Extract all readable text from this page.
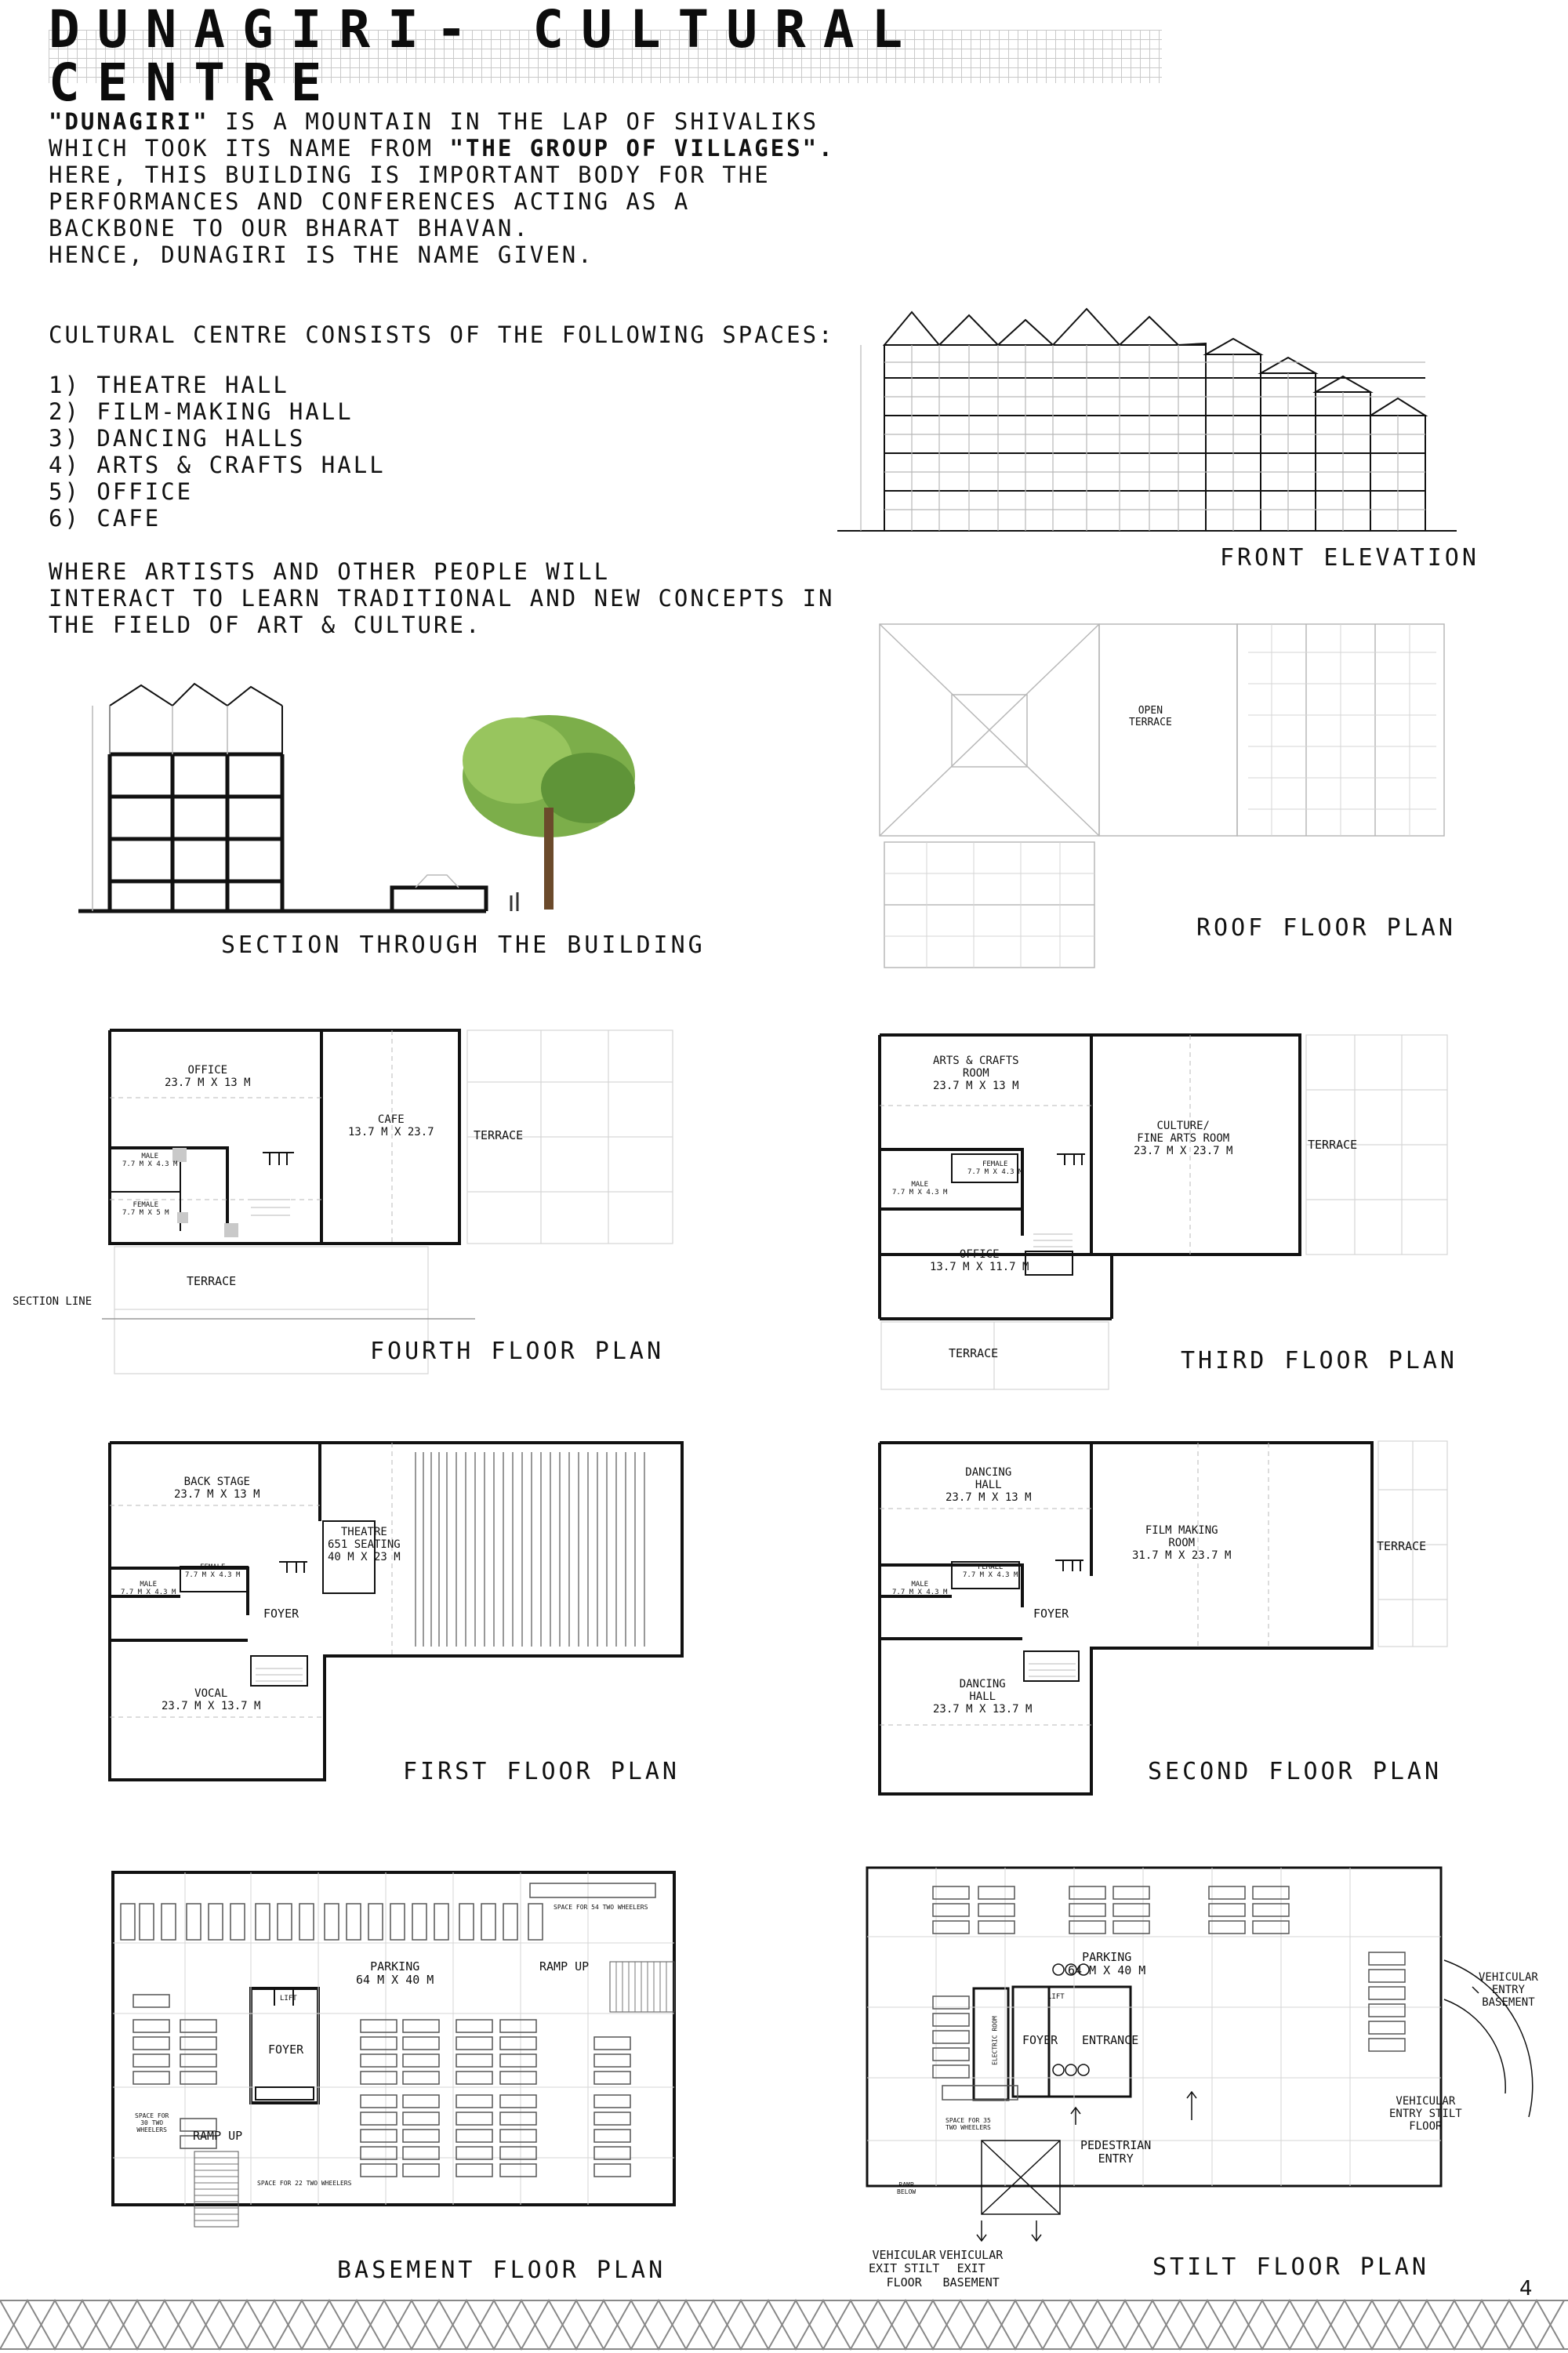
DUNAGIRI- CULTURAL CENTRE
"DUNAGIRI" IS A MOUNTAIN IN THE LAP OF SHIVALIKS
WHICH TOOK ITS NAME FROM "THE GROUP OF VILLAGES".
HERE, THIS BUILDING IS IMPORTANT BODY FOR THE
PERFORMANCES AND CONFERENCES ACTING AS A
BACKBONE TO OUR BHARAT BHAVAN.
HENCE, DUNAGIRI IS THE NAME GIVEN.
CULTURAL CENTRE CONSISTS OF THE FOLLOWING SPACES:
1) THEATRE HALL
2) FILM-MAKING HALL
3) DANCING HALLS
4) ARTS & CRAFTS HALL
5) OFFICE
6) CAFE
WHERE ARTISTS AND OTHER PEOPLE WILL
INTERACT TO LEARN TRADITIONAL AND NEW CONCEPTS IN
THE FIELD OF ART & CULTURE.
FRONT ELEVATION
SECTION THROUGH THE BUILDING
OPEN
TERRACE
ROOF FLOOR PLAN
OFFICE
23.7 M X 13 M
CAFE
13.7 M X 23.7	TERRACE
MALE
7.7 M X 4.3 M
FEMALE
7.7 M X 5 M
TERRACE
SECTION LINE
FOURTH FLOOR PLAN
ARTS & CRAFTS
ROOM
23.7 M X 13 M
CULTURE/
FINE ARTS ROOM
23.7 M X 23.7 M	TERRACE
FEMALE
7.7 M X 4.3 M
MALE
7.7 M X 4.3 M
OFFICE
13.7 M X 11.7 M
TERRACE	THIRD FLOOR PLAN
BACK STAGE
23.7 M X 13 M
THEATRE
651 SEATING
40 M X 23 M
FEMALE
7.7 M X 4.3 M
MALE
7.7 M X 4.3 M
FOYER
VOCAL
23.7 M X 13.7 M
FIRST FLOOR PLAN
DANCING
HALL
23.7 M X 13 M
FILM MAKING
ROOM
31.7 M X 23.7 M
TERRACE
FEMALE
7.7 M X 4.3 M
MALE
7.7 M X 4.3 M
FOYER
DANCING
HALL
23.7 M X 13.7 M
SECOND FLOOR PLAN
PARKING
64 M X 40 M
RAMP UP
SPACE FOR 54 TWO WHEELERS
LIFT
FOYER
SPACE FOR
30 TWO
WHEELERS RAMP UP
SPACE FOR 22 TWO WHEELERS
BASEMENT FLOOR PLAN
PARKING
64 M X 40 M
ELECTRIC ROOM
LIFT
FOYER ENTRANCE
SPACE FOR 35
TWO WHEELERS
RAMP
BELOW
PEDESTRIAN
ENTRY
VEHICULAR
ENTRY STILT
FLOOR
VEHICULAR
ENTRY
BASEMENT
VEHICULAR
EXIT STILT
FLOOR
VEHICULAR
EXIT
BASEMENT
STILT FLOOR PLAN
4
